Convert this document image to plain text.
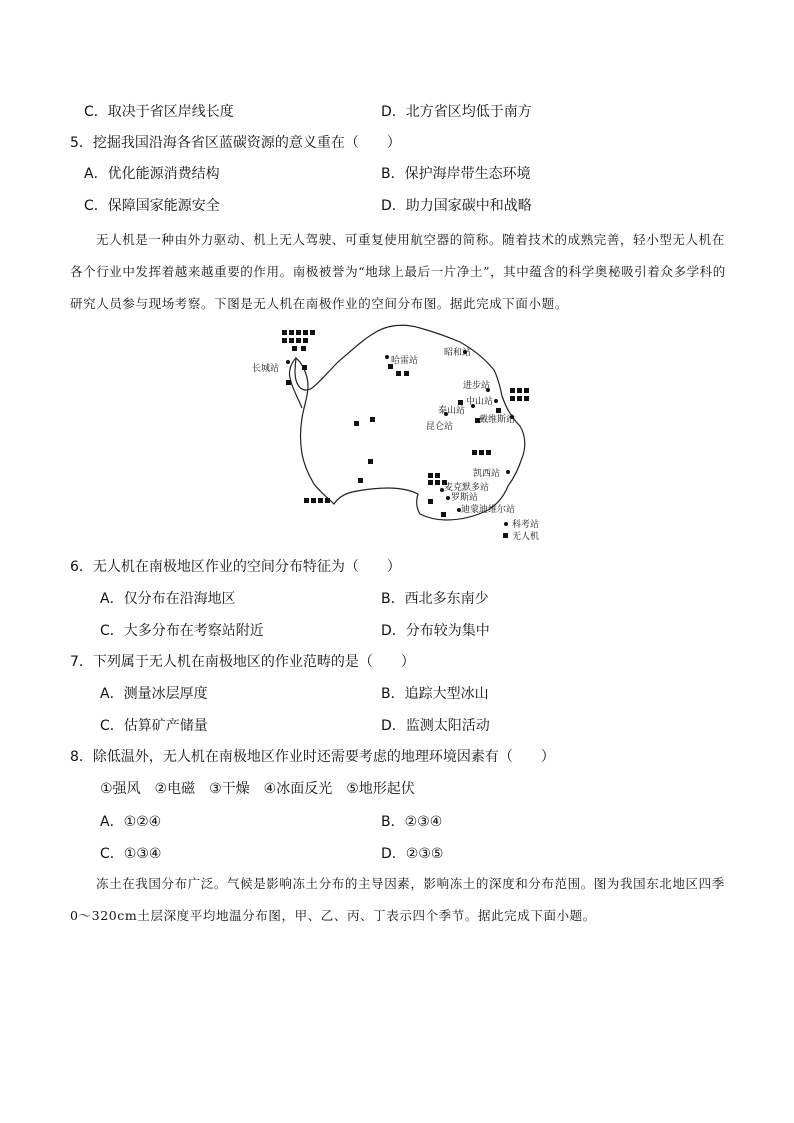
C．取决于省区岸线长度	D．北方省区均低于南方
5．挖掘我国沿海各省区蓝碳资源的意义重在（　　）
A．优化能源消费结构	B．保护海岸带生态环境
C．保障国家能源安全	D．助力国家碳中和战略

无人机是一种由外力驱动、机上无人驾驶、可重复使用航空器的简称。随着技术的成熟完善，轻小型无人机在各个行业中发挥着越来越重要的作用。南极被誉为“地球上最后一片净土”，其中蕴含的科学奥秘吸引着众多学科的研究人员参与现场考察。下图是无人机在南极作业的空间分布图。据此完成下面小题。

长城站
哈雷站
昭和站
进步站
中山站
泰山站
戴维斯站
昆仑站
凯西站
麦克默多站
罗斯站
迪蒙迪维尔站
科考站
无人机
6．无人机在南极地区作业的空间分布特征为（　　）
A．仅分布在沿海地区	B．西北多东南少
C．大多分布在考察站附近	D．分布较为集中
7．下列属于无人机在南极地区的作业范畴的是（　　）
A．测量冰层厚度	B．追踪大型冰山
C．估算矿产储量	D．监测太阳活动
8．除低温外，无人机在南极地区作业时还需要考虑的地理环境因素有（　　）
①强风　②电磁　③干燥　④冰面反光　⑤地形起伏
A．①②④	B．②③④
C．①③④	D．②③⑤

冻土在我国分布广泛。气候是影响冻土分布的主导因素，影响冻土的深度和分布范围。图为我国东北地区四季0～320cm土层深度平均地温分布图，甲、乙、丙、丁表示四个季节。据此完成下面小题。
